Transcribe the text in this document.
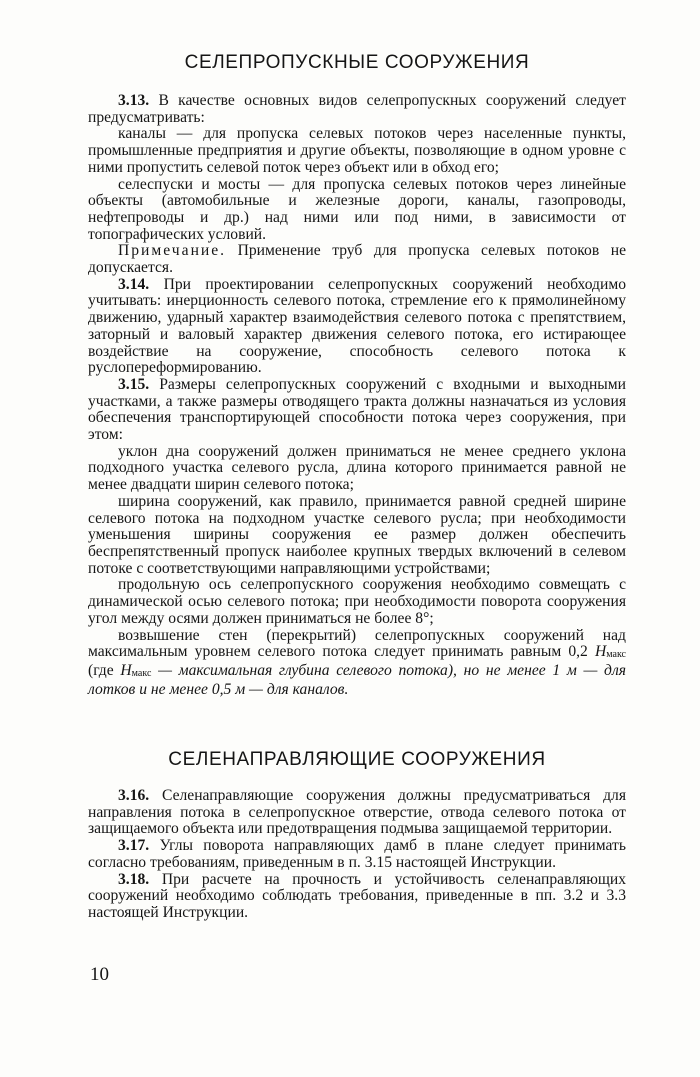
СЕЛЕПРОПУСКНЫЕ СООРУЖЕНИЯ

3.13. В качестве основных видов селепропускных сооружений следует предусматривать:

каналы — для пропуска селевых потоков через населенные пункты, промышленные предприятия и другие объекты, позволяющие в одном уровне с ними пропустить селевой поток через объект или в обход его;

селеспуски и мосты — для пропуска селевых потоков через линейные объекты (автомобильные и железные дороги, каналы, газопроводы, нефтепроводы и др.) над ними или под ними, в зависимости от топографических условий.

Примечание. Применение труб для пропуска селевых потоков не допускается.

3.14. При проектировании селепропускных сооружений необходимо учитывать: инерционность селевого потока, стремление его к прямолинейному движению, ударный характер взаимодействия селевого потока с препятствием, заторный и валовый характер движения селевого потока, его истирающее воздействие на сооружение, способность селевого потока к руслопереформированию.

3.15. Размеры селепропускных сооружений с входными и выходными участками, а также размеры отводящего тракта должны назначаться из условия обеспечения транспортирующей способности потока через сооружения, при этом:

уклон дна сооружений должен приниматься не менее среднего уклона подходного участка селевого русла, длина которого принимается равной не менее двадцати ширин селевого потока;

ширина сооружений, как правило, принимается равной средней ширине селевого потока на подходном участке селевого русла; при необходимости уменьшения ширины сооружения ее размер должен обеспечить беспрепятственный пропуск наиболее крупных твердых включений в селевом потоке с соответствующими направляющими устройствами;

продольную ось селепропускного сооружения необходимо совмещать с динамической осью селевого потока; при необходимости поворота сооружения угол между осями должен приниматься не более 8°;

возвышение стен (перекрытий) селепропускных сооружений над максимальным уровнем селевого потока следует принимать равным 0,2 $H_{макс}$ (где $H_{макс}$ — максимальная глубина селевого потока), но не менее 1 м — для лотков и не менее 0,5 м — для каналов.

СЕЛЕНАПРАВЛЯЮЩИЕ СООРУЖЕНИЯ

3.16. Селенаправляющие сооружения должны предусматриваться для направления потока в селепропускное отверстие, отвода селевого потока от защищаемого объекта или предотвращения подмыва защищаемой территории.

3.17. Углы поворота направляющих дамб в плане следует принимать согласно требованиям, приведенным в п. 3.15 настоящей Инструкции.

3.18. При расчете на прочность и устойчивость селенаправляющих сооружений необходимо соблюдать требования, приведенные в пп. 3.2 и 3.3 настоящей Инструкции.

10
